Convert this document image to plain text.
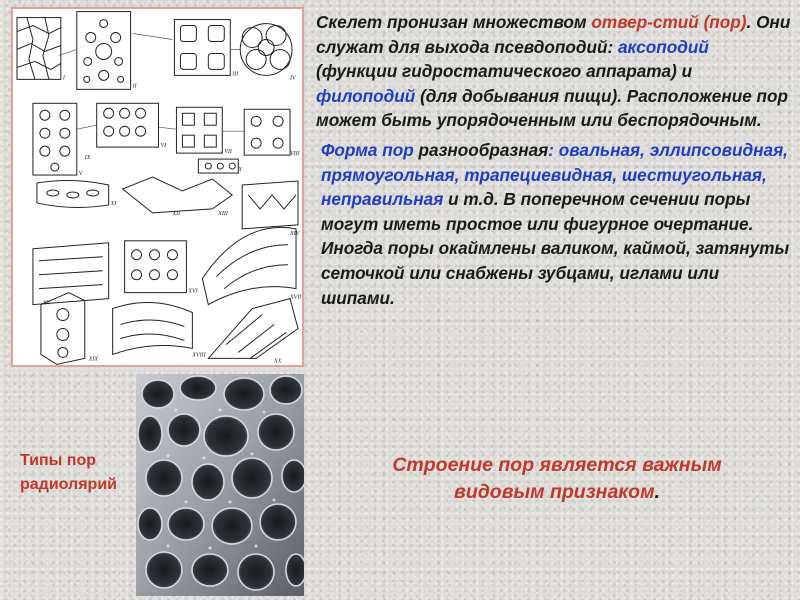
I
II
III
IV
V
VI
VII	VIII
IX
X
XI
XII	XIII
XIV
XV
XVI
XVII
XVIII
XIX	XX
Типы пор радиолярий

Скелет пронизан множеством отвер-стий (пор). Они служат для выхода псевдоподий: аксоподий (функции гидростатического аппарата) и филоподий (для добывания пищи). Расположение пор может быть упорядоченным или беспорядочным.

Форма пор разнообразная: овальная, эллипсовидная, прямоугольная, трапециевидная, шестиугольная, неправильная и т.д. В поперечном сечении поры могут иметь простое или фигурное очертание. Иногда поры окаймлены валиком, каймой, затянуты сеточкой или снабжены зубцами, иглами или шипами.

Строение пор является важным
видовым признаком.
